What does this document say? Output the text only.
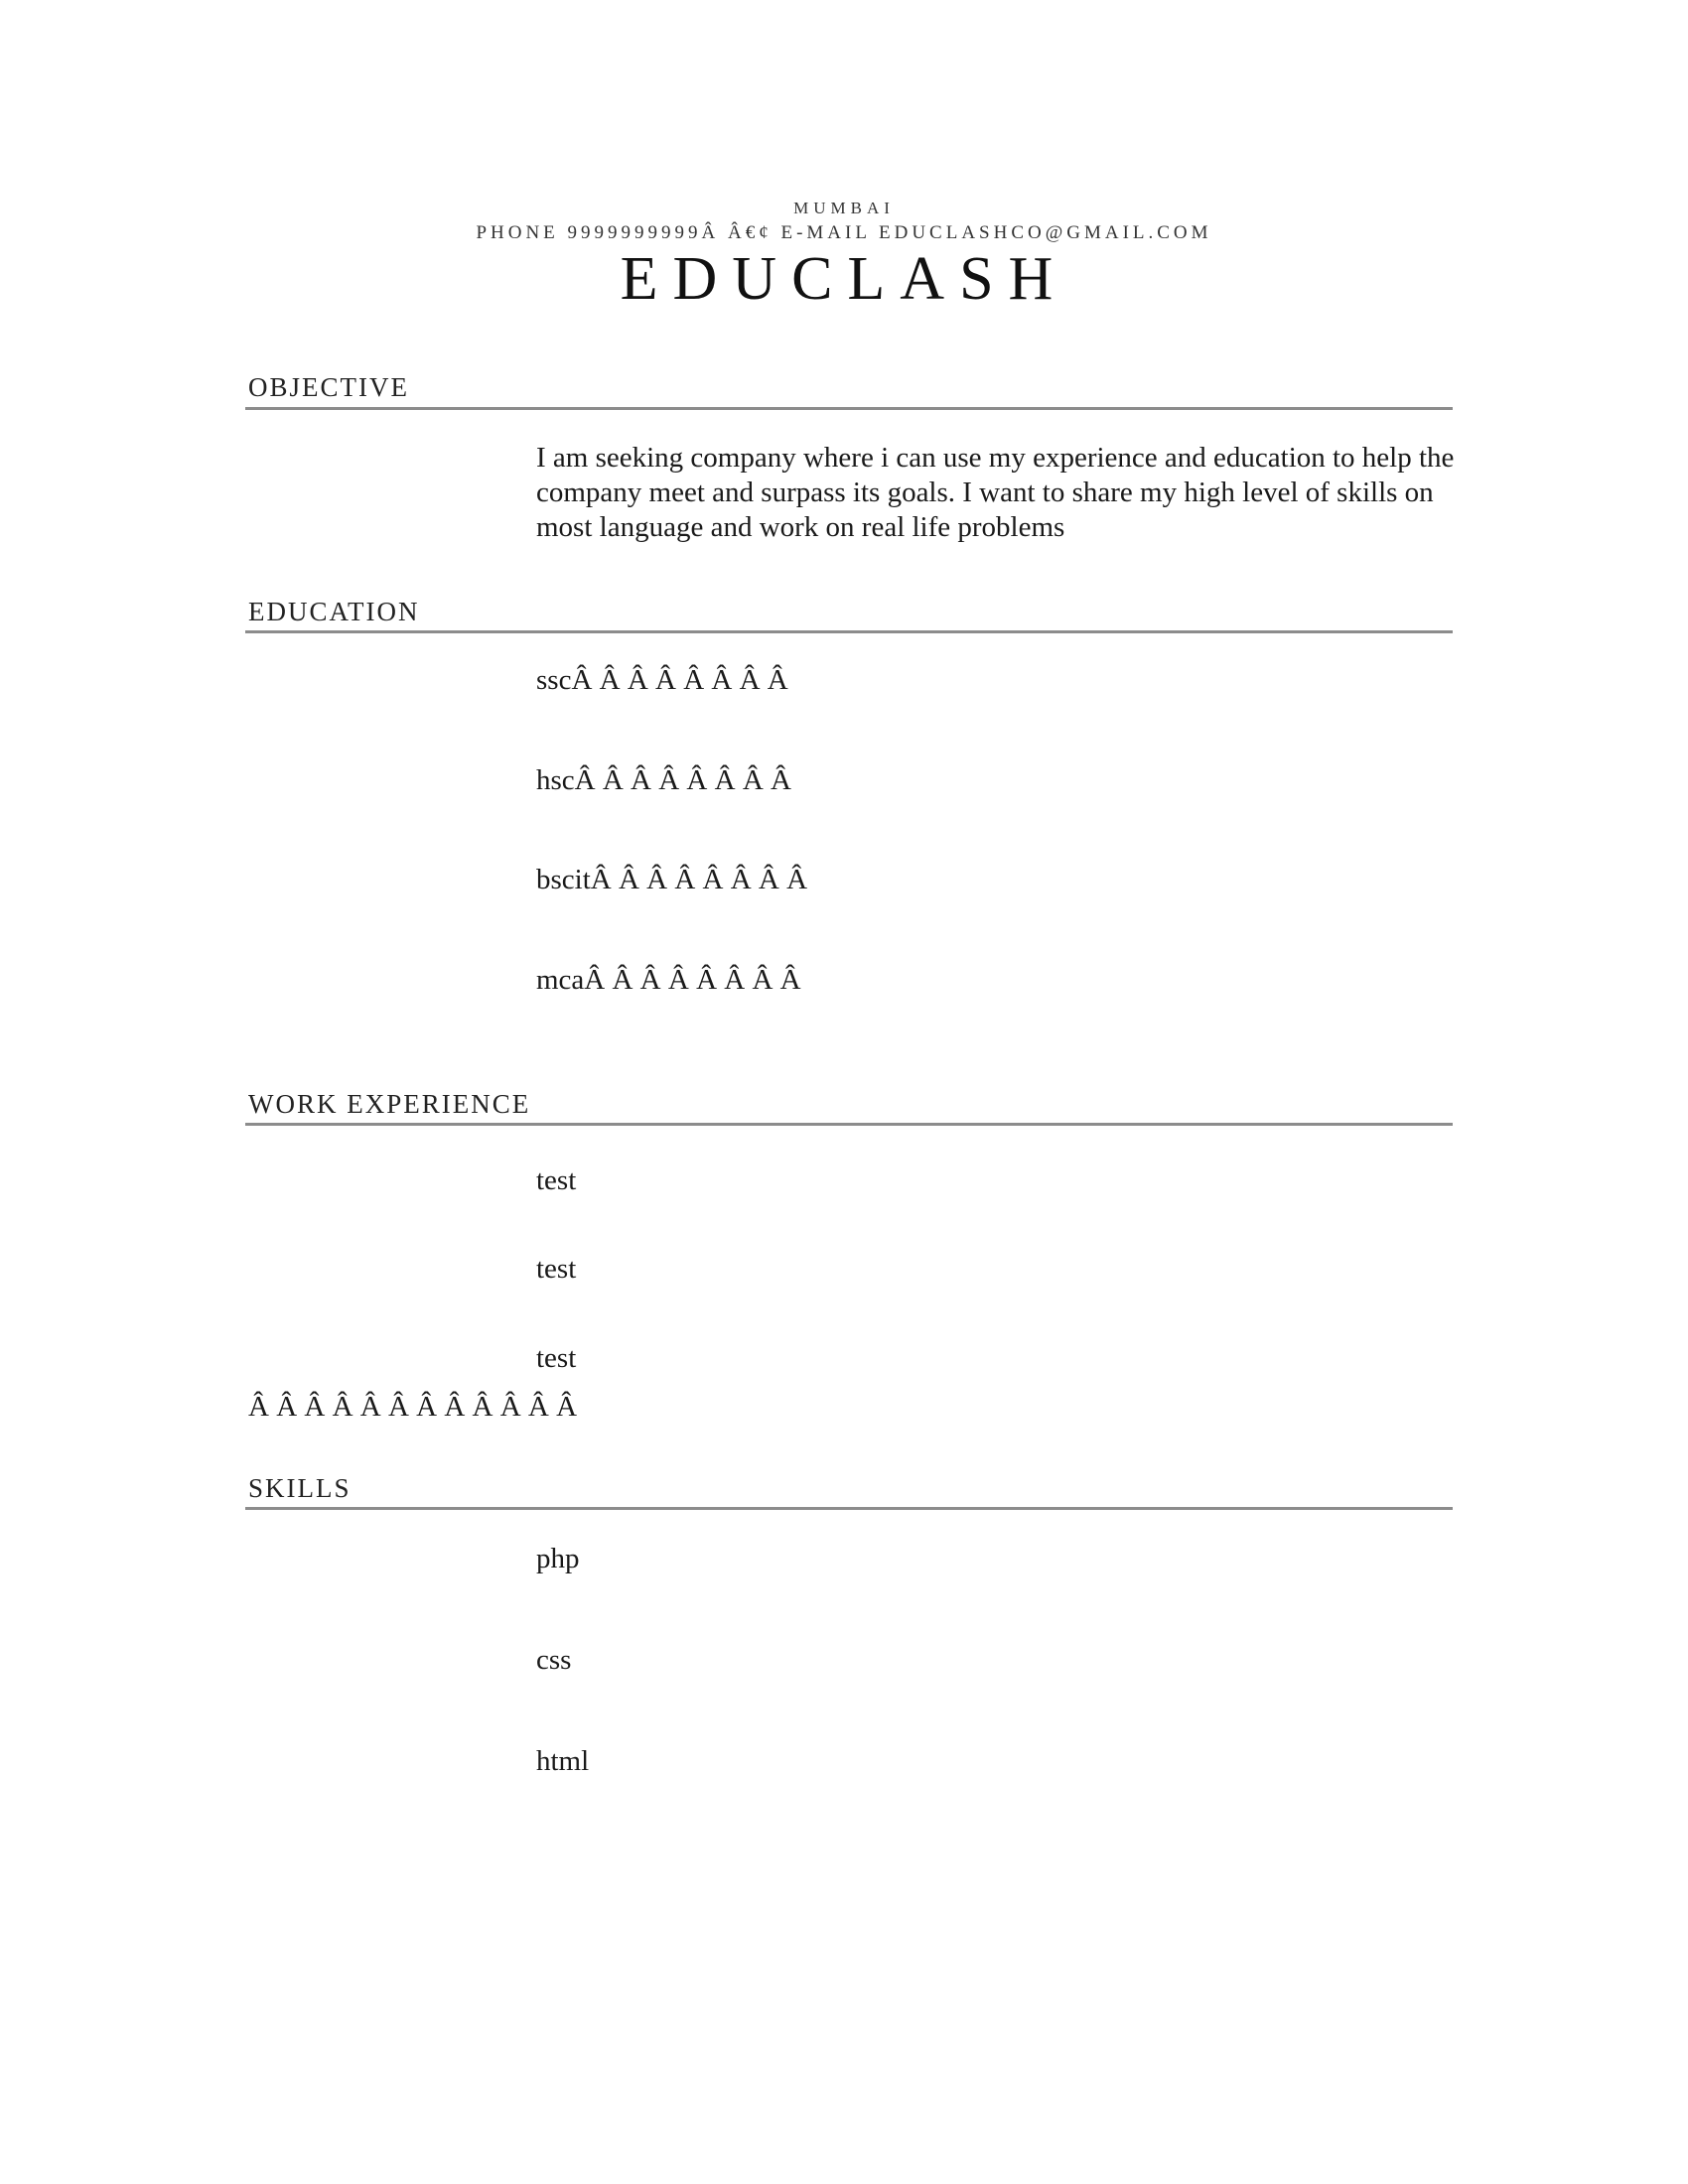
MUMBAI
PHONE 9999999999Â Â€¢ E-MAIL EDUCLASHCO@GMAIL.COM
EDUCLASH
OBJECTIVE
I am seeking company where i can use my experience and education to help the company meet and surpass its goals. I want to share my high level of skills on most language and work on real life problems
EDUCATION
sscÂ Â Â Â Â Â Â Â
hscÂ Â Â Â Â Â Â Â
bscitÂ Â Â Â Â Â Â Â
mcaÂ Â Â Â Â Â Â Â
WORK EXPERIENCE
test
test
test
Â Â Â Â Â Â Â Â Â Â Â Â
SKILLS
php
css
html
